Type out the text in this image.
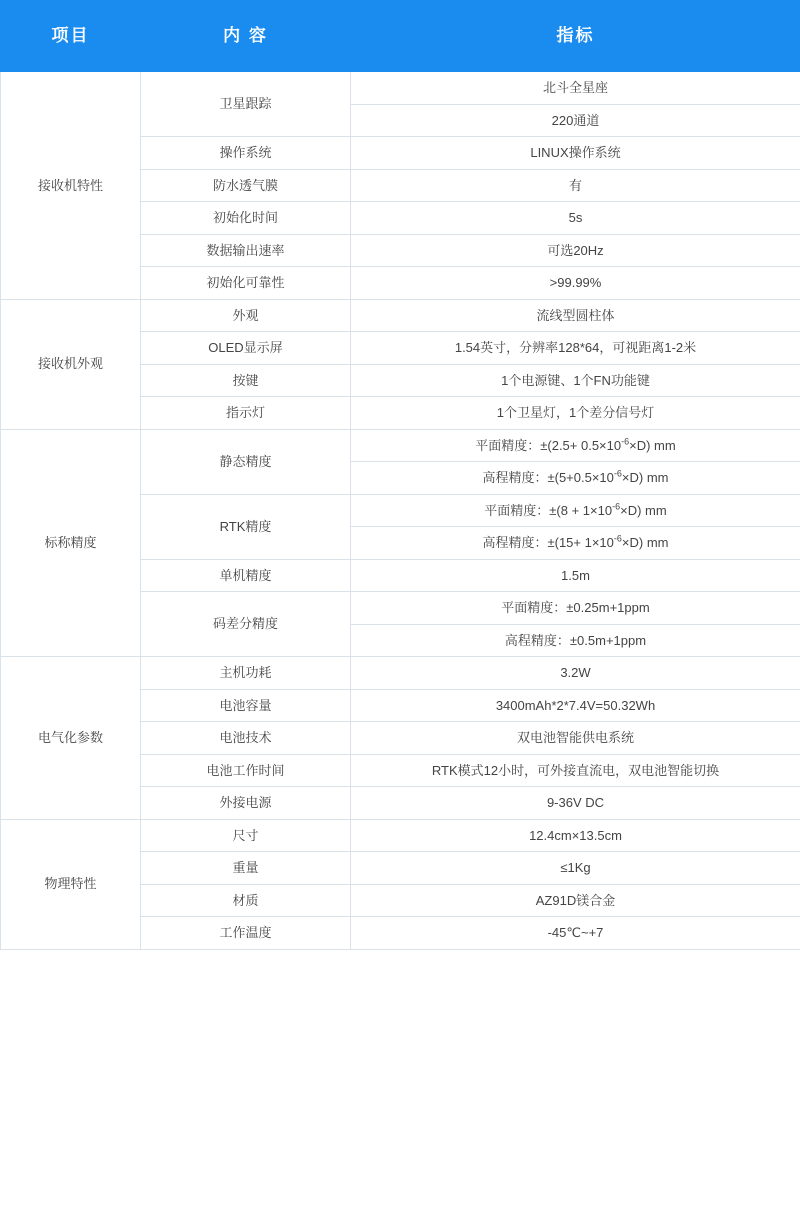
项目	内 容	指标
接收机特性	卫星跟踪	北斗全星座
		220通道
	操作系统	LINUX操作系统
	防水透气膜	有
	初始化时间	5s
	数据输出速率	可选20Hz
	初始化可靠性	>99.99%
接收机外观	外观	流线型圆柱体
	OLED显示屏	1.54英寸，分辨率128*64，可视距离1-2米
	按键	1个电源键、1个FN功能键
	指示灯	1个卫星灯，1个差分信号灯
标称精度	静态精度	平面精度：$\pm(2.5+ 0.5\times 10^{-6}\times D)$ mm
		高程精度：$\pm(5+0.5\times 10^{-6}\times D)$ mm
	RTK精度	平面精度：$\pm(8 + 1\times 10^{-6}\times D)$ mm
		高程精度：$\pm(15+ 1\times 10^{-6}\times D)$ mm
	单机精度	1.5m
	码差分精度	平面精度：±0.25m+1ppm
		高程精度：±0.5m+1ppm
电气化参数	主机功耗	3.2W
	电池容量	3400mAh*2*7.4V=50.32Wh
	电池技术	双电池智能供电系统
	电池工作时间	RTK模式12小时，可外接直流电，双电池智能切换
	外接电源	9-36V DC
物理特性	尺寸	12.4cm×13.5cm
	重量	≤1Kg
	材质	AZ91D镁合金
	工作温度	-45℃~+7
